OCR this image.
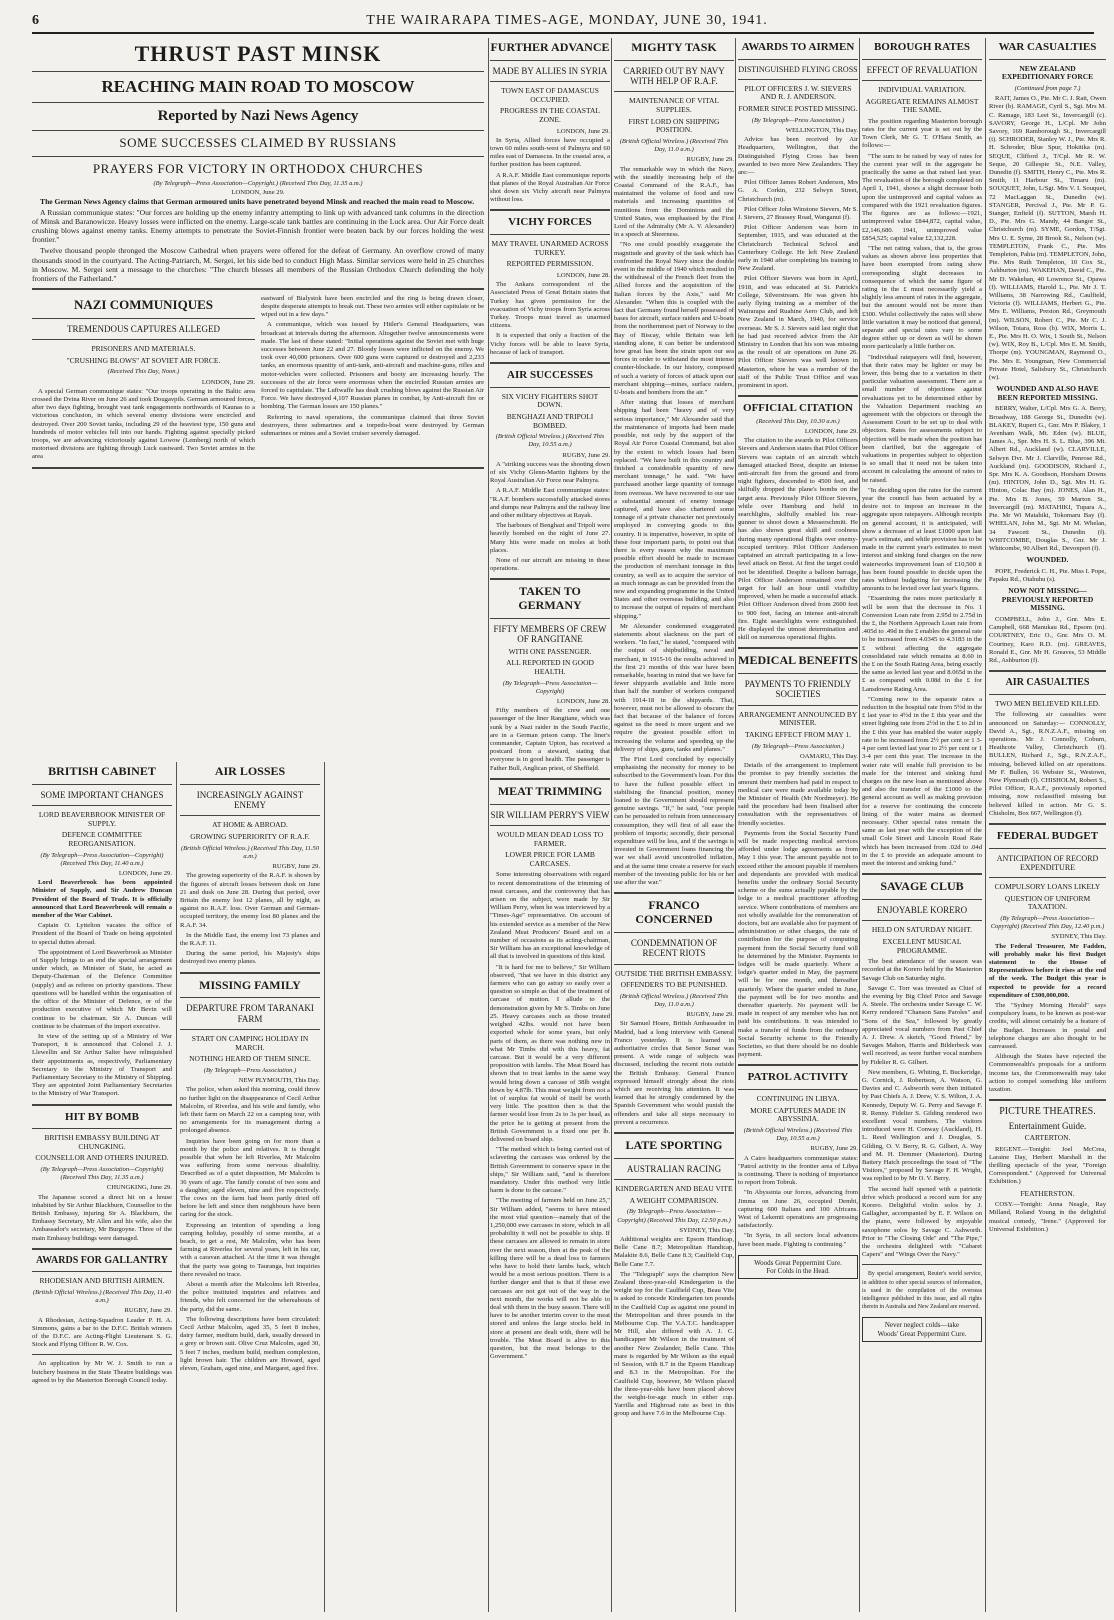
6	THE WAIRARAPA TIMES-AGE, MONDAY, JUNE 30, 1941.
THRUST PAST MINSK
REACHING MAIN ROAD TO MOSCOW
Reported by Nazi News Agency
SOME SUCCESSES CLAIMED BY RUSSIANS
PRAYERS FOR VICTORY IN ORTHODOX CHURCHES
(By Telegraph—Press Association—Copyright.) (Received This Day, 11.35 a.m.)
LONDON, June 29.

The German News Agency claims that German armoured units have penetrated beyond Minsk and reached the main road to Moscow.

A Russian communique states: "Our forces are holding up the enemy infantry attempting to link up with advanced tank columns in the direction of Minsk and Baranowicze. Heavy losses were inflicted on the enemy. Large-scale tank battles are continuing in the Luck area. Our Air Force dealt crushing blows against enemy tanks. Enemy attempts to penetrate the Soviet-Finnish frontier were beaten back by our forces holding the west frontier."

Twelve thousand people thronged the Moscow Cathedral when prayers were offered for the defeat of Germany. An overflow crowd of many thousands stood in the courtyard. The Acting-Patriarch, M. Sergei, let his side bed to conduct High Mass. Similar services were held in 25 churches in Moscow. M. Sergei sent a message to the churches: "The church blesses all members of the Russian Orthodox Church defending the holy frontiers of the Fatherland."

NAZI COMMUNIQUES
TREMENDOUS CAPTURES ALLEGED
PRISONERS AND MATERIALS.
"CRUSHING BLOWS" AT SOVIET AIR FORCE.
(Received This Day, Noon.)
LONDON, June 29.

A special German communique states: "Our troops operating in the Baltic area crossed the Dvina River on June 26 and took Dougavpils. German armoured forces, after two days fighting, brought vast tank engagements northwards of Kaunas to a victorious conclusion, in which several enemy divisions were encircled and destroyed. Over 200 Soviet tanks, including 29 of the heaviest type, 150 guns and hundreds of motor vehicles fell into our hands. Fighting against specially picked troops, we are advancing victoriously against Lowow (Lemberg) north of which motorised divisions are fighting through Luck eastward. Two Soviet armies in the area

eastward of Bialystok have been encircled and the ring is being drawn closer, despite desperate attempts to break out. These two armies will either capitulate or be wiped out in a few days."

A communique, which was issued by Hitler's General Headquarters, was broadcast at intervals during the afternoon. Altogether twelve announcements were made. The last of these stated: "Initial operations against the Soviet met with huge successes between June 22 and 27. Bloody losses were inflicted on the enemy. We took over 40,000 prisoners. Over 600 guns were captured or destroyed and 2,233 tanks, an enormous quantity of anti-tank, anti-aircraft and machine-guns, rifles and motor-vehicles were collected. Prisoners and booty are increasing hourly. The successes of the air force were enormous when the encircled Russian armies are forced to capitulate. The Luftwaffe has dealt crushing blows against the Russian Air Force. We have destroyed 4,107 Russian planes in combat, by Anti-aircraft fire or bombing. The German losses are 150 planes."

Referring to naval operations, the communique claimed that three Soviet destroyers, three submarines and a torpedo-boat were destroyed by German submarines or mines and a Soviet cruiser severely damaged.

BRITISH CABINET
SOME IMPORTANT CHANGES
LORD BEAVERBROOK MINISTER OF SUPPLY.
DEFENCE COMMITTEE REORGANISATION.
(By Telegraph—Press Association—Copyright) (Received This Day, 11.40 a.m.)
LONDON, June 29.

Lord Beaverbrook has been appointed Minister of Supply, and Sir Andrew Duncan President of the Board of Trade. It is officially announced that Lord Beaverbrook will remain a member of the War Cabinet.

Captain O. Lyttelton vacates the office of President of the Board of Trade on being appointed to special duties abroad.

The appointment of Lord Beaverbrook as Minister of Supply brings to an end the special arrangement under which, as Minister of State, he acted as Deputy-Chairman of the Defence Committee (supply) and as referee on priority questions. These questions will be handled within the organisation of the office of the Minister of Defence, or of the production executive of which Mr Bevin will continue to be chairman. Sir A. Duncan will continue to be chairman of the import executive.

In view of the setting up of a Ministry of War Transport, it is announced that Colonel J. J. Llewellin and Sir Arthur Salter have relinquished their appointments as, respectively, Parliamentary Secretary to the Ministry of Transport and Parliamentary Secretary to the Ministry of Shipping. They are appointed Joint Parliamentary Secretaries to the Ministry of War Transport.

HIT BY BOMB
BRITISH EMBASSY BUILDING AT CHUNGKING.
COUNSELLOR AND OTHERS INJURED.
(By Telegraph—Press Association—Copyright) (Received This Day, 11.35 a.m.)
CHUNGKING, June 29.

The Japanese scored a direct hit on a house inhabited by Sir Arthur Blackburn, Counsellor to the British Embassy, injuring Sir A. Blackburn, the Embassy Secretary, Mr Allen and his wife, also the Ambassador's secretary, Mr Burgoyne. Three of the main Embassy buildings were damaged.

AWARDS FOR GALLANTRY
RHODESIAN AND BRITISH AIRMEN.
(British Official Wireless.) (Received This Day, 11.40 a.m.)
RUGBY, June 29.

A Rhodesian, Acting-Squadron Leader P. H. A. Simmons, gains a bar to the D.F.C. British winners of the D.F.C. are Acting-Flight Lieutenant S. G. Stock and Flying Officer R. W. Cox.

An application by Mr W. J. Smith to run a butchery business in the State Theatre buildings was agreed to by the Masterton Borough Council today.

AIR LOSSES
INCREASINGLY AGAINST ENEMY
AT HOME & ABROAD.
GROWING SUPERIORITY OF R.A.F.
(British Official Wireless.) (Received This Day, 11.50 a.m.)
RUGBY, June 29.

The growing superiority of the R.A.F. is shown by the figures of aircraft losses between dusk on June 21 and dusk on June 28. During that period, over Britain the enemy lost 12 planes, all by night, as against no R.A.F. loss. Over German and German-occupied territory, the enemy lost 80 planes and the R.A.F. 34.

In the Middle East, the enemy lost 73 planes and the R.A.F. 11.

During the same period, his Majesty's ships destroyed two enemy planes.

MISSING FAMILY
DEPARTURE FROM TARANAKI FARM
START ON CAMPING HOLIDAY IN MARCH.
NOTHING HEARD OF THEM SINCE.
(By Telegraph—Press Association.)
NEW PLYMOUTH, This Day.

The police, when asked this morning, could throw no further light on the disappearance of Cecil Arthur Malcolm, of Riverlea, and his wife and family, who left their farm on March 22 on a camping tour, with no arrangements for its management during a prolonged absence.

Inquiries have been going on for more than a month by the police and relatives. It is thought possible that when he left Riverlea, Mr Malcolm was suffering from some nervous disability. Described as of a quiet disposition, Mr Malcolm is 36 years of age. The family consist of two sons and a daughter, aged eleven, nine and five respectively. The cows on the farm had been partly dried off before he left and since then neighbours have been caring for the stock.

Expressing an intention of spending a long camping holiday, possibly of some months, at a beach, to get a rest, Mr Malcolm, who has been farming at Riverlea for several years, left in his car, with a caravan attached. At the time it was thought that the party was going to Tauranga, but inquiries there revealed no trace.

About a month after the Malcolms left Riverlea, the police instituted inquiries and relatives and friends, who felt concerned for the whereabouts of the party, did the same.

The following descriptions have been circulated: Cecil Arthur Malcolm, aged 35, 5 feet 8 inches, dairy farmer, medium build, dark, usually dressed in a grey or brown suit. Olive Cruz Malcolm, aged 30, 5 feet 7 inches, medium build, medium complexion, light brown hair. The children are Howard, aged eleven, Graham, aged nine, and Margaret, aged five.

FURTHER ADVANCE
MADE BY ALLIES IN SYRIA
TOWN EAST OF DAMASCUS OCCUPIED.
PROGRESS IN THE COASTAL ZONE.
LONDON, June 29.

In Syria, Allied forces have occupied a town 60 miles south-west of Palmyra and 60 miles east of Damascus. In the coastal area, a further position has been captured.

A R.A.F. Middle East communique reports that planes of the Royal Australian Air Force shot down six Vichy aircraft near Palmyra without loss.

VICHY FORCES
MAY TRAVEL UNARMED ACROSS TURKEY.
REPORTED PERMISSION.
LONDON, June 28.

The Ankara correspondent of the Associated Press of Great Britain states that Turkey has given permission for the evacuation of Vichy troops from Syria across Turkey. Troops must travel as unarmed citizens.

It is expected that only a fraction of the Vichy forces will be able to leave Syria, because of lack of transport.

AIR SUCCESSES
SIX VICHY FIGHTERS SHOT DOWN.
BENGHAZI AND TRIPOLI BOMBED.
(British Official Wireless.) (Received This Day, 10.55 a.m.)
RUGBY, June 29.

A "striking success was the shooting down of six Vichy Glenn-Martin fighters by the Royal Australian Air Force near Palmyra.

A R.A.F. Middle East communique states: "R.A.F. bombers successfully attacked stores and dumps near Palmyra and the railway line and other military objectives at Rayak.

The harbours of Benghazi and Tripoli were heavily bombed on the night of June 27. Many hits were made on moles at both places.

None of our aircraft are missing in these operations.

TAKEN TO GERMANY
FIFTY MEMBERS OF CREW OF RANGITANE
WITH ONE PASSENGER.
ALL REPORTED IN GOOD HEALTH.
(By Telegraph—Press Association—Copyright)
LONDON, June 28.

Fifty members of the crew and one passenger of the liner Rangitane, which was sunk by a Nazi raider in the South Pacific, are in a German prison camp. The liner's commander, Captain Upton, has received a postcard from a steward, stating that everyone is in good health. The passenger is Father Bull, Anglican priest, of Sheffield.

MEAT TRIMMING
SIR WILLIAM PERRY'S VIEW
WOULD MEAN DEAD LOSS TO FARMER.
LOWER PRICE FOR LAMB CARCASES.

Some interesting observations with regard to recent demonstrations of the trimming of meat carcases, and the controversy that has arisen on the subject, were made by Sir William Perry, when he was interviewed by a "Times-Age" representative. On account of his extended service as a member of the New Zealand Meat Producers' Board and on a number of occasions as its acting-chairman, Sir William has an exceptional knowledge of all that is involved in questions of this kind.

"It is hard for me to believe," Sir William observed, "that we have in this district any farmers who can go astray so easily over a question so simple as that of the treatment of carcase of mutton. I allude to the demonstration given by Mr S. Timbs on June 25. Heavy carcases such as those treated weighed 42lbs. would not have been exported whole for some years, but only parts of them, as there was nothing new in what Mr Timbs did with this heavy, fat carcase. But it would be a very different proposition with lambs. The Meat Board has shown that to treat lambs in the same way would bring down a carcase of 38lb weight down by 4.87lb. This meat weight from not a lot of surplus fat would of itself be worth very little. The position then is that the farmer would lose from 2s to 3s per head, as the price he is getting at present from the British Government is a fixed one per lb. delivered on board ship.

"The method which is being carried out of sclaveting the carcases was ordered by the British Government to conserve space in the ships," Sir William said, "and is therefore mandatory. Under this method very little harm is done to the carcase."

"The meeting of farmers held on June 25," Sir William added, "seems to have missed the most vital question—namely that of the 1,250,000 ewe carcases in store, which in all probability it will not be possible to ship. If these carcases are allowed to remain in store over the next season, then at the peak of the killing there will be a dead loss to farmers who have to hold their lambs back, which would be a most serious position. There is a further danger and that is that if these ewe carcases are not got out of the way in the next month, the works will not be able to deal with them in the busy season. There will have to be another interim cover to the meat stored and unless the large stocks held in store at present are dealt with, there will be trouble. The Meat Board is alive to this question, but the meat belongs to the Government."

MIGHTY TASK
CARRIED OUT BY NAVY WITH HELP OF R.A.F.
MAINTENANCE OF VITAL SUPPLIES.
FIRST LORD ON SHIPPING POSITION.
(British Official Wireless.) (Received This Day, 11.0 a.m.)
RUGBY, June 29.

The remarkable way in which the Navy, with the steadily increasing help of the Coastal Command of the R.A.F., has maintained the volume of food and raw materials and increasing quantities of munitions from the Dominions and the United States, was emphasised by the First Lord of the Admiralty (Mr A. V. Alexander) in a speech at Sheerness.

"No one could possibly exaggerate the magnitude and gravity of the task which has confronted the Royal Navy since the double event in the middle of 1940 which resulted in the withdrawal of the French fleet from the Allied forces and the acquisition of the Italian forces by the Axis," said Mr Alexander. "When this is coupled with the fact that Germany found herself possessed of bases for aircraft, surface raiders and U-boats from the northernmost part of Norway to the Bay of Biscay, while Britain was left standing alone, it can better be understood how great has been the strain upon our sea forces in order to withstand the most intense counter-blockade. In our history, composed of such a variety of forces of attack upon our merchant shipping—mines, surface raiders, U-boats and bombers from the air."

After stating that losses of merchant shipping had been "heavy and of very serious importance," Mr Alexander said that the maintenance of imports had been made possible, not only by the support of the Royal Air Force Coastal Command, but also by the extent to which losses had been replaced. "We have built in this country and finished a considerable quantity of new merchant tonnage," he said. "We have purchased another large quantity of tonnage from overseas. We have recovered to our use a substantial amount of enemy tonnage captured, and have also chartered some tonnage of a private character not previously employed in conveying goods to this country. It is imperative, however, in spite of these four important parts, to point out that there is every reason why the maximum possible effort should be made to increase the production of merchant tonnage in this country, as well as to acquire the service of as much tonnage as can be provided from the new and expanding programme in the United States and other overseas building, and also to increase the output of repairs of merchant shipping."

Mr Alexander condemned exaggerated statements about slackness on the part of workers. "In fact," he stated, "compared with the output of shipbuilding, naval and merchant, in 1915-16 the results achieved in the first 21 months of this war have been remarkable, bearing in mind that we have far fewer shipyards available and little more than half the number of workers compared with 1914-18 in the shipyards. That, however, must not be allowed to obscure the fact that because of the balance of forces against us the need is more urgent and we require the greatest possible effort in increasing the volume and speeding up the delivery of ships, guns, tanks and planes."

The First Lord concluded by especially emphasising the necessity for money to be subscribed to the Government's loan. For this to have the fullest possible effect in stabilising the financial position, money loaned to the Government should represent genuine savings. "If," he said, "our people can be persuaded to refrain from unnecessary consumption, they will first of all ease the problem of imports; secondly, their personal expenditure will be less, and if the savings is invested in Government loans financing the war we shall avoid uncontrolled inflation, and at the same time create a reserve for each member of the investing public for his or her use after the war."

FRANCO CONCERNED
CONDEMNATION OF RECENT RIOTS
OUTSIDE THE BRITISH EMBASSY.
OFFENDERS TO BE PUNISHED.
(British Official Wireless.) (Received This Day, 11.0 a.m.)
RUGBY, June 29.

Sir Samuel Hoare, British Ambassador in Madrid, had a long interview with General Franco yesterday. It is learned in authoritative circles that Senor Sunar was present. A wide range of subjects was discussed, including the recent riots outside the British Embassy. General Franco expressed himself strongly about the riots which are receiving his attention. It was learned that he strongly condemned by the Spanish Government who would punish the offenders and take all steps necessary to prevent a recurrence.

LATE SPORTING
AUSTRALIAN RACING
KINDERGARTEN AND BEAU VITE
A WEIGHT COMPARISON.
(By Telegraph—Press Association—Copyright) (Received This Day, 12.50 p.m.)
SYDNEY, This Day.

Additional weights are: Epsom Handicap, Belle Cane 8.7; Metropolitan Handicap, Malakite 8.6, Belle Cane 8.3; Caulfield Cup, Belle Cane 7.7.

The "Telegraph" says the champion New Zealand three-year-old Kindergarten is the weight top for the Caulfield Cup, Beau Vite is asked to concede Kindergarten ten pounds in the Caulfield Cup as against one pound in the Metropolitan and three pounds in the Melbourne Cup. The V.A.T.C. handicapper Mr Hill, also differed with A. J. C. handicapper Mr Wilson in the treatment of another New Zealander, Belle Cane. This mare is regarded by Mr Wilson as the equal of Session, with 8.7 in the Epsom Handicap and 8.3 in the Metropolitan. For the Caulfield Cup, however, Mr Wilson placed the three-year-olds have been placed above the weight-for-age much in either cup. Yarrilla and Highroad rate as best in this group and have 7.6 in the Melbourne Cup.

AWARDS TO AIRMEN
DISTINGUISHED FLYING CROSS
PILOT OFFICERS J. W. SIEVERS AND R. J. ANDERSON.
FORMER SINCE POSTED MISSING.
(By Telegraph—Press Association.)
WELLINGTON, This Day.

Advice has been received by Air Headquarters, Wellington, that the Distinguished Flying Cross has been awarded to two more New Zealanders. They are:—

Pilot Officer James Robert Anderson, Mrs G. A. Corkin, 232 Selwyn Street, Christchurch (m).

Pilot Officer John Winstone Sievers, Mr S. J. Sievers, 27 Brassey Road, Wanganui (f).

Pilot Officer Anderson was born in September, 1915, and was educated at the Christchurch Technical School and Canterbury College. He left New Zealand early in 1940 after completing his training in New Zealand.

Pilot Officer Sievers was born in April, 1918, and was educated at St. Patrick's College, Silverstream. He was given his early flying training as a member of the Wairarapa and Ruahine Aero Club, and left New Zealand in March, 1940, for service overseas. Mr S. J. Sievers said last night that he had just received advice from the Air Ministry in London that his son was missing as the result of air operations on June 26. Pilot Officer Sievers was well known in Masterton, where he was a member of the staff of the Public Trust Office and was prominent in sport.

OFFICIAL CITATION
(Received This Day, 10.30 a.m.)
LONDON, June 29.

The citation to the awards to Pilot Officers Sievers and Anderson states that Pilot Officer Sievers was captain of an aircraft which damaged attacked Brest, despite an intense anti-aircraft fire from the ground and from night fighters, descended to 4500 feet, and skilfully dropped the plane's bombs on the target area. Previously Pilot Officer Sievers, while over Hamburg and held in searchlights, skilfully enabled his rear-gunner to shoot down a Messerschmitt. He has also shown great skill and coolness during many operational flights over enemy-occupied territory. Pilot Officer Anderson captained an aircraft participating in a low-level attack on Brest. At first the target could not be identified. Despite a balloon barrage, Pilot Officer Anderson remained over the target for half an hour until visibility improved, when he made a successful attack. Pilot Officer Anderson dived from 2600 feet to 900 feet, facing an intense anti-aircraft fire. Eight searchlights were extinguished. He displayed the utmost determination and skill on numerous operational flights.

MEDICAL BENEFITS
PAYMENTS TO FRIENDLY SOCIETIES
ARRANGEMENT ANNOUNCED BY MINISTER.
TAKING EFFECT FROM MAY 1.
(By Telegraph—Press Association.)
OAMARU, This Day.

Details of the arrangement to implement the promise to pay friendly societies the amount their members had paid in respect to medical care were made available today by the Minister of Health (Mr Nordmeyer). He said the procedure had been finalised after consultation with the representatives of friendly societies.

Payments from the Social Security Fund will be made respecting medical services afforded under lodge agreements as from May 1 this year. The amount payable not to exceed either the amount payable if members and dependants are provided with medical benefits under the ordinary Social Security scheme or the sums actually payable by the lodge to a medical practitioner affording service. Where contributions of members are not wholly available for the remuneration of doctors, but are available also for payment of administration or other charges, the rate of contribution for the purpose of computing payment from the Social Security fund will be determined by the Minister. Payments to lodges will be made quarterly. Where a lodge's quarter ended in May, the payment will be for one month, and thereafter quarterly. Where the quarter ended in June, the payment will be for two months and thereafter quarterly. No payment will be made in respect of any member who has not paid his contributions. It was intended to make a transfer of funds from the ordinary Social Security scheme to the Friendly Societies, so that there should be no double payment.

PATROL ACTIVITY
CONTINUING IN LIBYA.
MORE CAPTURES MADE IN ABYSSINIA.
(British Official Wireless.) (Received This Day, 10.55 a.m.)
RUGBY, June 29.

A Cairo headquarters communique states: "Patrol activity in the frontier area of Libya is continuing. There is nothing of importance to report from Tobruk.

"In Abyssinia our forces, advancing from Jimma on June 26, occupied Dembi, capturing 600 Italians and 100 Africans. West of Lekemti operations are progressing satisfactorily.

"In Syria, in all sectors local advances have been made. Fighting is continuing."

Woods Great Peppermint Cure.
For Colds in the Head.
BOROUGH RATES
EFFECT OF REVALUATION
INDIVIDUAL VARIATION.
AGGREGATE REMAINS ALMOST THE SAME.

The position regarding Masterton borough rates for the current year is set out by the Town Clerk, Mr G. T. O'Hara Smith, as follows:—

"The sum to be raised by way of rates for the current year will in the aggregate be practically the same as that raised last year. The revaluation of the borough completed on April 1, 1941, shows a slight decrease both upon the unimproved and capital values as compared with the 1921 revaluation figures. The figures are as follows:—1921, unimproved value £844,872, capital value, £2,146,680. 1941, unimproved value £854,525; capital value £2,132,228.

"The net rating values, that is, the gross values as shown above less properties that have been exempted from rating show corresponding slight decreases in consequence of which the same figure of rating in the £ must necessarily yield a slightly less amount of rates in the aggregate, but the amount would not be more than £300. Whilst collectively the rates will show little variation it may be noticed that general, separate and special rates vary to some degree either up or down as will be shown more particularly a little further on.

"Individual ratepayers will find, however, that their rates may be lighter or may be lower, this being due to a variation in their particular valuation assessment. There are a small number of objections against revaluations yet to be determined either by the Valuation Department reaching an agreement with the objectors or through the Assessment Court to be set up to deal with objectors. Rates for assessments subject to objection will be made when the position has been clarified, but the aggregate of valuations in properties subject to objection is so small that it need not be taken into account in calculating the amount of rates to be raised.

"In deciding upon the rates for the current year the council has been actuated by a desire not to impose an increase in the aggregate upon ratepayers. Although receipts on general account, it is anticipated, will show a decrease of at least £1000 upon last year's estimate, and while provision has to be made in the current year's estimates to meet interest and sinking fund charges on the new waterworks improvement loan of £10,500 it has been found possible to decide upon the rates without budgeting for increasing the amounts to be levied over last year's figures.

"Examining the rates more particularly it will be seen that the decrease in No. 1 Conversion Loan rate from 2.95d to 2.75d in the £, the Northern Approach Loan rate from .405d to .49d in the £ enables the general rate to be increased from 4.0345 to 4.3183 in the £ without affecting the aggregate consolidated rate which remains at 8.60 in the £ on the South Rating Area, being exactly the same as levied last year and 8.065d in the £ as compared with 0.08d in the £ for Lansdowne Rating Area.

"Coming now to the separate rates a reduction in the hospital rate from 5½d in the £ last year to 4½d in the £ this year and the street lighting rate from 2½d in the £ to 2d in the £ this year has enabled the water supply rate to be increased from 2½ per cent or 1 3-4 per cent levied last year to 2½ per cent or 1 3-4 per cent this year. The increase in the water rate will enable full provision to be made for the interest and sinking fund charges on the new loan as mentioned above and also the transfer of the £1000 to the general account as well as making provision for a reserve for continuing the concrete lining of the water mains as deemed necessary. Other special rates remain the same as last year with the exception of the small Cole Street and Lincoln Road Rate which has been increased from .02d to .04d in the £ to provide an adequate amount to meet the interest and sinking fund."

SAVAGE CLUB
ENJOYABLE KORERO
HELD ON SATURDAY NIGHT.
EXCELLENT MUSICAL PROGRAMME.

The best attendance of the season was recorded at the Korero held by the Masterton Savage Club on Saturday night.

Savage C. Torr was invested as Chief of the evening by Big Chief Price and Savage A. Steele. The orchestra under Savage C. W. Kerry rendered "Chanson Sans Paroles" and "Sons of the Sea," followed by greatly appreciated vocal numbers from Past Chief A. J. Drew. A sketch, "Good Friend," by Savages Mahon, Harris and Bilderbeck was well received, as were further vocal numbers by Fidelier R. G. Gilbert.

New members, G. Whiting, E. Buckeridge, G. Cornick, J. Robertson, A. Watson, G. Davies and C. Ashworth were then initiated by Past Chiefs A. J. Drew, V. S. Wilton, J. A. Kennedy, Deputy W. G. Perry and Savage F. R. Renny. Fidelier S. Gilding rendered two excellent vocal numbers. The visitors introduced were H. Conway (Auckland), H. L. Reed Wellington and J. Douglas, S. Gilding, O. V. Berry, R. G. Gilbert, A. Way and M. H. Demmer (Masterton). During Battery Hatch proceedings the toast of "The Visitors," proposed by Savage F. H. Wright, was replied to by Mr O. V. Berry.

The second half opened with a patriotic drive which produced a record sum for any Korero. Delightful violin solos by J. Gallagher, accompanied by E. F. Wilson on the piano, were followed by enjoyable saxophone solos by Savage C. Ashworth. Prior to "The Closing Ode" and "The Pipe," the orchestra delighted with "Cabaret Capers" and "Wings Over the Navy."

By special arrangement, Reuter's world service, in addition to other special sources of information, is used in the compilation of the overseas intelligence published in this issue, and all rights therein in Australia and New Zealand are reserved.

Never neglect colds—take
Woods' Great Peppermint Cure.
WAR CASUALTIES
NEW ZEALAND EXPEDITIONARY FORCE
(Continued from page 7.)

RAIT, James O., Pte. Mr C. J. Rait, Owen River (b). RAMAGE, Cyril S., Sgt. Mrs M. C. Ramage, 183 Leet St., Invercargill (c). SAVORY, George H., L/Cpl. Mr John Savory, 169 Ramborough St., Invercargill (t). SCHRODER, Stanley W. J., Pte. Mrs R. H. Schroder, Blue Spur, Hokitika (m). SEQUE, Clifford J., T/Cpl. Mr R. W. Seque, 20 Gillespie St., N.E. Valley, Dunedin (f). SMITH, Henry C., Pte. Mrs R. Smith, 11 Harbour St., Timaru (m). SOUQUET, John, L/Sgt. Mrs V. I. Souquet, 72 MacLaggan St., Dunedin (w). STANGER, Percival J., Pte. Mr P. G. Stanger, Enfield (f). SUTTON, Marsh H. D., Pte. Mrs G. Mandy, 44 Bangor St., Christchurch (m). SYME, Gordon, T/Sgt. Mrs U. E. Syme, 28 Brook St., Nelson (w). TEMPLETON, Frank C., Pte. Mrs Templeton, Pahia (m). TEMPLETON, John, Pte. Mrs Ruth Templeton, 10 Cox St., Ashburton (m). WAKEHAN, David C., Pte. Mr D. Wakehan, 40 Lowrence St., Opawa (f). WILLIAMS, Harold L., Pte. Mr J. T. Williams, 38 Narrowing Rd., Caulfield, Victoria (f). WILLIAMS, Herbert G., Pte. Mrs E. Williams, Preston Rd., Greymouth (m). WILSON, Robert C., Pte. Mr C. J. Wilson, Totara, Ross (b). WIX, Morris L. E., Pte. Mrs H. O. Wix, 1 South St., Nelson (w). WIX, Roy B., L/Cpl. Mrs E. M. Smith, Thorpe (m). YOUNGMAN, Raymond O., Pte. Mrs E. Youngman, New Commercial Private Hotel, Salisbury St., Christchurch (w).

WOUNDED AND ALSO HAVE BEEN REPORTED MISSING.

BERRY, Walter, L/Cpl. Mrs G. A. Berry, Broadway, 188 George St., Dunedin (w). BLAKEY, Rupert G., Gnr. Mrs P. Blakey, 1 Avenham Walk, Mt. Eden (w). BLUE, James A., Spr. Mrs H. S. L. Blue, 396 Mt. Albert Rd., Auckland (w). CLARVILLE, Selwyn Dvr. Mr J. Clarville, Penrose Rd., Auckland (m). GOODISON, Richard J., Spr. Mrs K. A. Goodison, Horsham Downs (m). HINTON, John D., Sgt. Mrs H. G. Hinton, Colac Bay (m). JONES, Alan H., Pte. Mrs B. Jones, 59 Marton St., Invercargill (m). MATAHIKI, Tupara A., Pte. Mr Wi Matahiki, Tokomaru Bay (f). WHELAN, John M., Sgt. Mr M. Whelan, 34 Fawcett St., Dunedin (f). WHITCOMBE, Douglas S., Gnr. Mr J. Whitcombe, 90 Albert Rd., Devonport (f).

WOUNDED.

POPE, Frederick C. H., Pte. Miss I. Pope, Papaku Rd., Otahuhu (s).

NOW NOT MISSING—PREVIOUSLY REPORTED MISSING.

COMPBELL, John J., Gnr. Mrs E. Campbell, 668 Manukau Rd., Epsom (m). COURTNEY, Eric O., Gnr. Mrs O. M. Courtney, Karo R.D. (m). GREAVES, Ronald E., Gnr. Mr H. Greaves, 53 Middle Rd., Ashburton (f).

AIR CASUALTIES
TWO MEN BELIEVED KILLED.

The following air casualties were announced on Saturday:— CONNOLLY, David A., Sgt., R.N.Z.A.F., missing on operations. Mr J. Connolly, Coburn, Heathcote Valley, Christchurch (f). BULLEN, Richard J., Sgt., R.N.Z.A.F., missing, believed killed on air operations. Mr F. Bullen, 16 Webster St., Westown, New Plymouth (f). CHISHOLM, Robert S., Pilot Officer, R.A.F., previously reported missing, now reclassified missing but believed killed in action. Mr G. S. Chisholm, Box 667, Wellington (f).

FEDERAL BUDGET
ANTICIPATION OF RECORD EXPENDITURE
COMPULSORY LOANS LIKELY
QUESTION OF UNIFORM TAXATION.
(By Telegraph—Press Association—Copyright) (Received This Day, 12.40 p.m.)
SYDNEY, This Day.

The Federal Treasurer, Mr Fadden, will probably make his first Budget statement to the House of Representatives before it rises at the end of the week. The Budget this year is expected to provide for a record expenditure of £300,000,000.

The "Sydney Morning Herald" says compulsory loans, to be known as post-war credits, will almost certainly be a feature of the Budget. Increases in postal and telephone charges are also thought to be canvassed.

Although the States have rejected the Commonwealth's proposals for a uniform income tax, the Commonwealth may take action to compel something like uniform taxation.

PICTURE THEATRES.
Entertainment Guide.
CARTERTON.

REGENT.—Tonight: Joel McCrea, Laraine Day, Herbert Marshall in the thrilling spectacle of the year, "Foreign Correspondent." (Approved for Universal Exhibition.)

FEATHERSTON.

COSY.—Tonight: Anna Neagle, Ray Milland, Roland Young in the delightful musical comedy, "Irene." (Approved for Universal Exhibition.)
